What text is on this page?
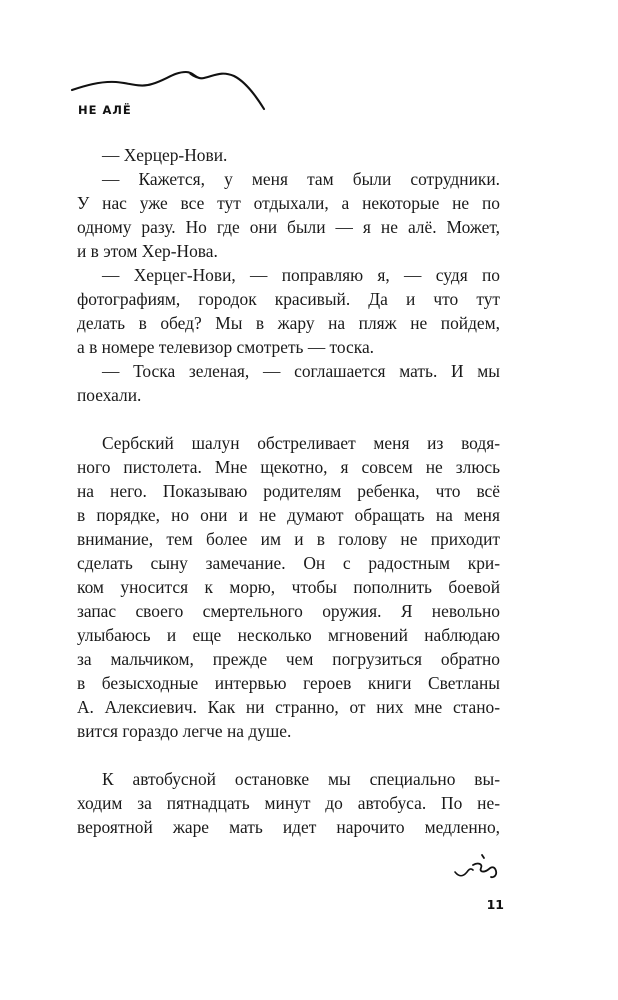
НЕ АЛЁ
— Херцер-Нови.
— Кажется, у меня там были сотрудники.
У нас уже все тут отдыхали, а некоторые не по
одному разу. Но где они были — я не алё. Может,
и в этом Хер-Нова.
— Херцег-Нови, — поправляю я, — судя по
фотографиям, городок красивый. Да и что тут
делать в обед? Мы в жару на пляж не пойдем,
а в номере телевизор смотреть — тоска.
— Тоска зеленая, — соглашается мать. И мы
поехали.
Сербский шалун обстреливает меня из водя-
ного пистолета. Мне щекотно, я совсем не злюсь
на него. Показываю родителям ребенка, что всё
в порядке, но они и не думают обращать на меня
внимание, тем более им и в голову не приходит
сделать сыну замечание. Он с радостным кри-
ком уносится к морю, чтобы пополнить боевой
запас своего смертельного оружия. Я невольно
улыбаюсь и еще несколько мгновений наблюдаю
за мальчиком, прежде чем погрузиться обратно
в безысходные интервью героев книги Светланы
А. Алексиевич. Как ни странно, от них мне стано-
вится гораздо легче на душе.
К автобусной остановке мы специально вы-
ходим за пятнадцать минут до автобуса. По не-
вероятной жаре мать идет нарочито медленно,
11
